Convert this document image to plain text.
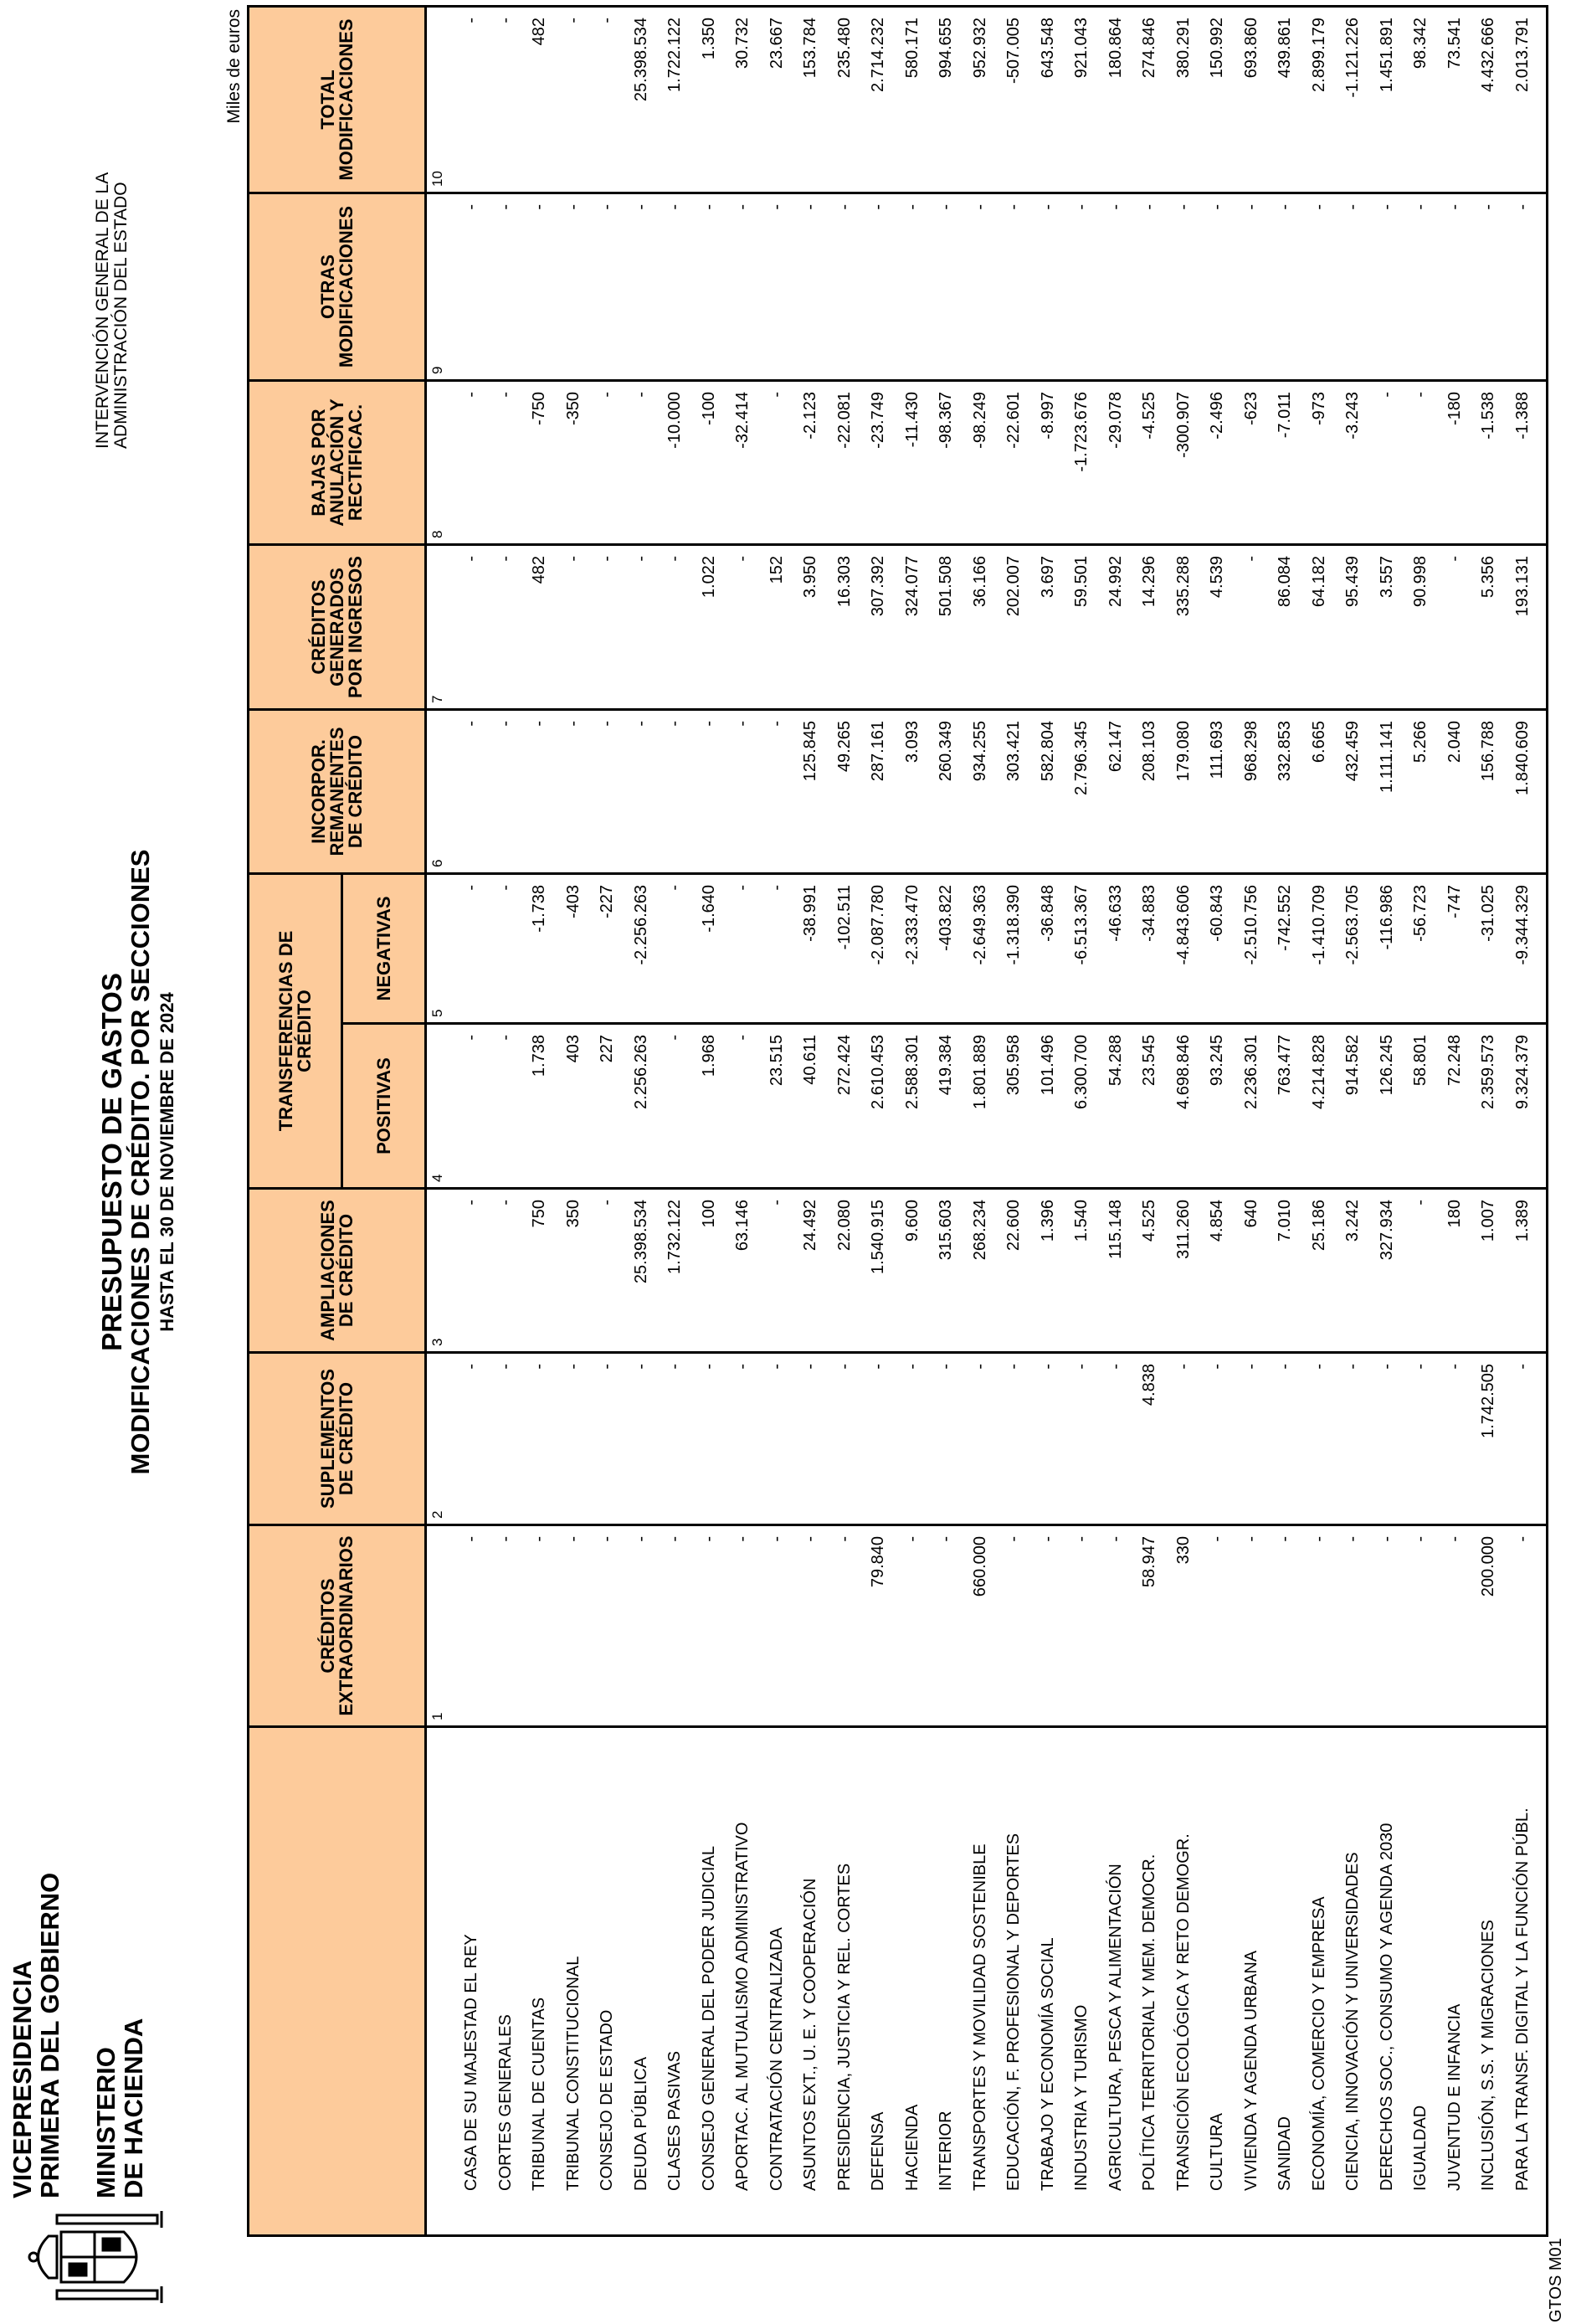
VICEPRESIDENCIA
PRIMERA DEL GOBIERNO MINISTERIO
DE HACIENDA
PRESUPUESTO DE GASTOS
MODIFICACIONES DE CRÉDITO. POR SECCIONES HASTA EL 30 DE NOVIEMBRE DE 2024
INTERVENCIÓN GENERAL DE LA ADMINISTRACIÓN DEL ESTADO
Miles de euros
	CRÉDITOS
EXTRAORDINARIOS	SUPLEMENTOS
DE CRÉDITO	AMPLIACIONES
DE CRÉDITO	TRANSFERENCIAS DE
CRÉDITO		INCORPOR.
REMANENTES
DE CRÉDITO	CRÉDITOS
GENERADOS
POR INGRESOS	BAJAS POR
ANULACIÓN Y
RECTIFICAC.	OTRAS
MODIFICACIONES	TOTAL
MODIFICACIONES
				POSITIVAS	NEGATIVAS					
	1	2	3	4	5	6	7	8	9	10
CASA DE SU MAJESTAD EL REY	-	-	-	-	-	-	-	-	-	-
CORTES GENERALES	-	-	-	-	-	-	-	-	-	-
TRIBUNAL DE CUENTAS	-	-	750	1.738	-1.738	-	482	-750	-	482
TRIBUNAL CONSTITUCIONAL	-	-	350	403	-403	-	-	-350	-	-
CONSEJO DE ESTADO	-	-	-	227	-227	-	-	-	-	-
DEUDA PÚBLICA	-	-	25.398.534	2.256.263	-2.256.263	-	-	-	-	25.398.534
CLASES PASIVAS	-	-	1.732.122	-	-	-	-	-10.000	-	1.722.122
CONSEJO GENERAL DEL PODER JUDICIAL	-	-	100	1.968	-1.640	-	1.022	-100	-	1.350
APORTAC. AL MUTUALISMO ADMINISTRATIVO	-	-	63.146	-	-	-	-	-32.414	-	30.732
CONTRATACIÓN CENTRALIZADA	-	-	-	23.515	-	-	152	-	-	23.667
ASUNTOS EXT., U. E. Y COOPERACIÓN	-	-	24.492	40.611	-38.991	125.845	3.950	-2.123	-	153.784
PRESIDENCIA, JUSTICIA Y REL. CORTES	-	-	22.080	272.424	-102.511	49.265	16.303	-22.081	-	235.480
DEFENSA	79.840	-	1.540.915	2.610.453	-2.087.780	287.161	307.392	-23.749	-	2.714.232
HACIENDA	-	-	9.600	2.588.301	-2.333.470	3.093	324.077	-11.430	-	580.171
INTERIOR	-	-	315.603	419.384	-403.822	260.349	501.508	-98.367	-	994.655
TRANSPORTES Y MOVILIDAD SOSTENIBLE	660.000	-	268.234	1.801.889	-2.649.363	934.255	36.166	-98.249	-	952.932
EDUCACIÓN, F. PROFESIONAL Y DEPORTES	-	-	22.600	305.958	-1.318.390	303.421	202.007	-22.601	-	-507.005
TRABAJO Y ECONOMÍA SOCIAL	-	-	1.396	101.496	-36.848	582.804	3.697	-8.997	-	643.548
INDUSTRIA Y TURISMO	-	-	1.540	6.300.700	-6.513.367	2.796.345	59.501	-1.723.676	-	921.043
AGRICULTURA, PESCA Y ALIMENTACIÓN	-	-	115.148	54.288	-46.633	62.147	24.992	-29.078	-	180.864
POLÍTICA TERRITORIAL Y MEM. DEMOCR.	58.947	4.838	4.525	23.545	-34.883	208.103	14.296	-4.525	-	274.846
TRANSICIÓN ECOLÓGICA Y RETO DEMOGR.	330	-	311.260	4.698.846	-4.843.606	179.080	335.288	-300.907	-	380.291
CULTURA	-	-	4.854	93.245	-60.843	111.693	4.539	-2.496	-	150.992
VIVIENDA Y AGENDA URBANA	-	-	640	2.236.301	-2.510.756	968.298	-	-623	-	693.860
SANIDAD	-	-	7.010	763.477	-742.552	332.853	86.084	-7.011	-	439.861
ECONOMÍA, COMERCIO Y EMPRESA	-	-	25.186	4.214.828	-1.410.709	6.665	64.182	-973	-	2.899.179
CIENCIA, INNOVACIÓN Y UNIVERSIDADES	-	-	3.242	914.582	-2.563.705	432.459	95.439	-3.243	-	-1.121.226
DERECHOS SOC., CONSUMO Y AGENDA 2030	-	-	327.934	126.245	-116.986	1.111.141	3.557	-	-	1.451.891
IGUALDAD	-	-	-	58.801	-56.723	5.266	90.998	-	-	98.342
JUVENTUD E INFANCIA	-	-	180	72.248	-747	2.040	-	-180	-	73.541
INCLUSIÓN, S.S. Y MIGRACIONES	200.000	1.742.505	1.007	2.359.573	-31.025	156.788	5.356	-1.538	-	4.432.666
PARA LA TRANSF. DIGITAL Y LA FUNCIÓN PÚBL.	-	-	1.389	9.324.379	-9.344.329	1.840.609	193.131	-1.388	-	2.013.791

GTOS M01
